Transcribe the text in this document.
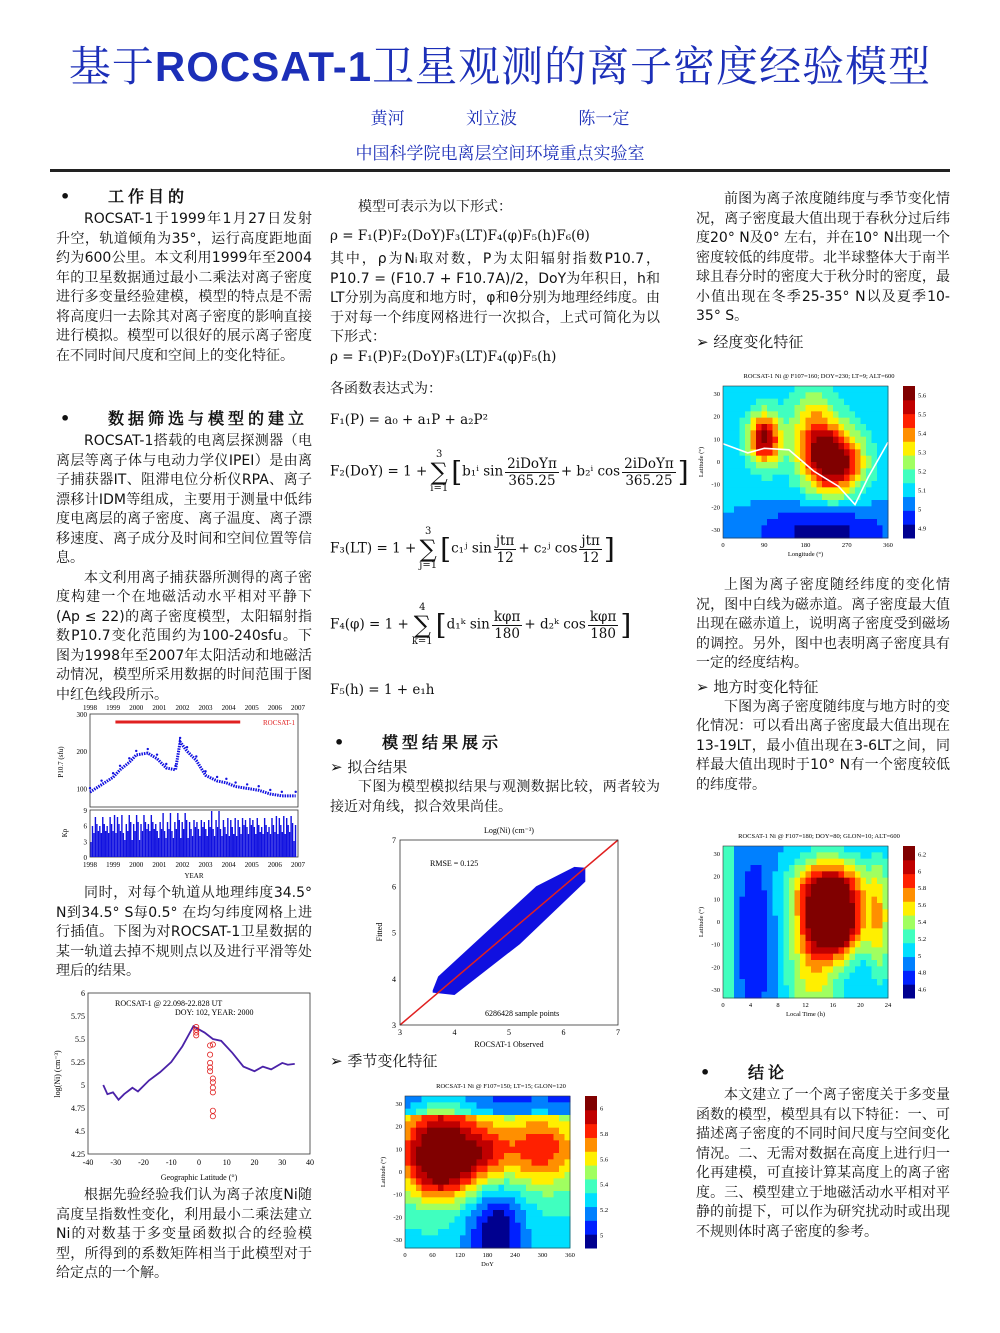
基于ROCSAT-1卫星观测的离子密度经验模型
黄河	刘立波	陈一定
中国科学院电离层空间环境重点实验室
• 工作目的

ROCSAT-1于1999年1月27日发射升空，轨道倾角为35°，运行高度距地面约为600公里。本文利用1999年至2004年的卫星数据通过最小二乘法对离子密度进行多变量经验建模，模型的特点是不需将高度归一去除其对离子密度的影响直接进行模拟。模型可以很好的展示离子密度在不同时间尺度和空间上的变化特征。

• 数据筛选与模型的建立

ROCSAT-1搭载的电离层探测器（电离层等离子体与电动力学仪IPEI）是由离子捕获器IT、阻滞电位分析仪RPA、离子漂移计IDM等组成，主要用于测量中低纬度电离层的离子密度、离子温度、离子漂移速度、离子成分及时间和空间位置等信息。

本文利用离子捕获器所测得的离子密度构建一个在地磁活动水平相对平静下(Ap ≤ 22)的离子密度模型，太阳辐射指数P10.7变化范围约为100-240sfu。下图为1998年至2007年太阳活动和地磁活动情况，模型所采用数据的时间范围于图中红色线段所示。

1998
1998
1999
1999
2000
2000
2001
2001
2002
2002
2003
2003
2004
2004
2005
2005
2006
2006
2007
2007
100
200
300
P10.7 (sfu)
ROCSAT-1
0
3
6
9
Kp
YEAR

同时，对每个轨道从地理纬度34.5° N到34.5° S每0.5° 在均匀纬度网格上进行插值。下图为对ROCSAT-1卫星数据的某一轨道去掉不规则点以及进行平滑等处理后的结果。

-40 -30 -20 -10	0	10 20 30 40
4.25
4.5
4.75
5
5.25
5.5
5.75
6
Geographic Latitude (°)
log(Ni) (cm⁻³)
ROCSAT-1 @ 22.098-22.828 UT
DOY: 102, YEAR: 2000

根据先验经验我们认为离子浓度Ni随高度呈指数性变化，利用最小二乘法建立Ni的对数基于多变量函数拟合的经验模型，所得到的系数矩阵相当于此模型对于给定点的一个解。

模型可表示为以下形式：

ρ = F₁(P)F₂(DoY)F₃(LT)F₄(φ)F₅(h)F₆(θ)

其中，ρ为Nᵢ取对数，P为太阳辐射指数P10.7，P10.7 = (F10.7 + F10.7A)/2，DoY为年积日，h和LT分别为高度和地方时，φ和θ分别为地理经纬度。由于对每一个纬度网格进行一次拟合，上式可简化为以下形式：

ρ = F₁(P)F₂(DoY)F₃(LT)F₄(φ)F₅(h)

各函数表达式为：

F₁(P) = a₀ + a₁P + a₂P²
F₂(DoY) = 1 +3
∑
i=1 [b₁ⁱ $\sin \frac{\text{2iDoYπ}}{365.25} + b_2^i$ $\cos \frac{\text{2iDoYπ}}{365.25}$ ]
F₃(LT) = 1 +3
∑
j=1 [c₁ʲ $\sin \frac{\text{jtπ}}{12}$ + c₂ʲ $\cos \frac{\text{jtπ}}{12}$ ]
F₄(φ) = 1 +4
∑
k=1 [d₁ᵏ $\sin \frac{\text{kφπ}}{180}$ + d₂ᵏ $\cos \frac{\text{kφπ}}{180}$ ]
F₅(h) = 1 + e₁h
• 模型结果展示
➢ 拟合结果

下图为模型模拟结果与观测数据比较，两者较为接近对角线，拟合效果尚佳。

Log(Ni) (cm⁻³)
3	4	5	6	7
3
4
5
6
7
ROCSAT-1 Observed
Fitted
RMSE = 0.125
6286428 sample points
➢ 季节变化特征
ROCSAT-1 Ni @ F107=150; LT=15; GLON=120
5
5.2
5.4
5.6
5.8
6
0	60	120	180	240	300	360
-30
-20
-10
0
10
20
30
DoY
Latitude (°)

前图为离子浓度随纬度与季节变化情况，离子密度最大值出现于春秋分过后纬度20° N及0° 左右，并在10° N出现一个密度较低的纬度带。北半球整体大于南半球且春分时的密度大于秋分时的密度，最小值出现在冬季25-35° N以及夏季10-35° S。

➢ 经度变化特征
ROCSAT-1 Ni @ F107=160; DOY=230; LT=9; ALT=600
4.9
5
5.1
5.2
5.3
5.4
5.5
5.6
0	90	180	270	360
-30
-20
-10
0
10
20
30
Longitude (°)
Latitude (°)

上图为离子密度随经纬度的变化情况，图中白线为磁赤道。离子密度最大值出现在磁赤道上，说明离子密度受到磁场的调控。另外，图中也表明离子密度具有一定的经度结构。

➢ 地方时变化特征

下图为离子密度随纬度与地方时的变化情况：可以看出离子密度最大值出现在13-19LT，最小值出现在3-6LT之间，同样最大值出现时于10° N有一个密度较低的纬度带。

ROCSAT-1 Ni @ F107=180; DOY=80; GLON=10; ALT=600
4.6
4.8
5
5.2
5.4
5.6
5.8
6
6.2
0	4	8	12	16	20	24
-30
-20
-10
0
10
20
30
Local Time (h)
Latitude (°)
• 结论

本文建立了一个离子密度关于多变量函数的模型，模型具有以下特征：一、可描述离子密度的不同时间尺度与空间变化情况。二、无需对数据在高度上进行归一化再建模，可直接计算某高度上的离子密度。三、模型建立于地磁活动水平相对平静的前提下，可以作为研究扰动时或出现不规则体时离子密度的参考。
